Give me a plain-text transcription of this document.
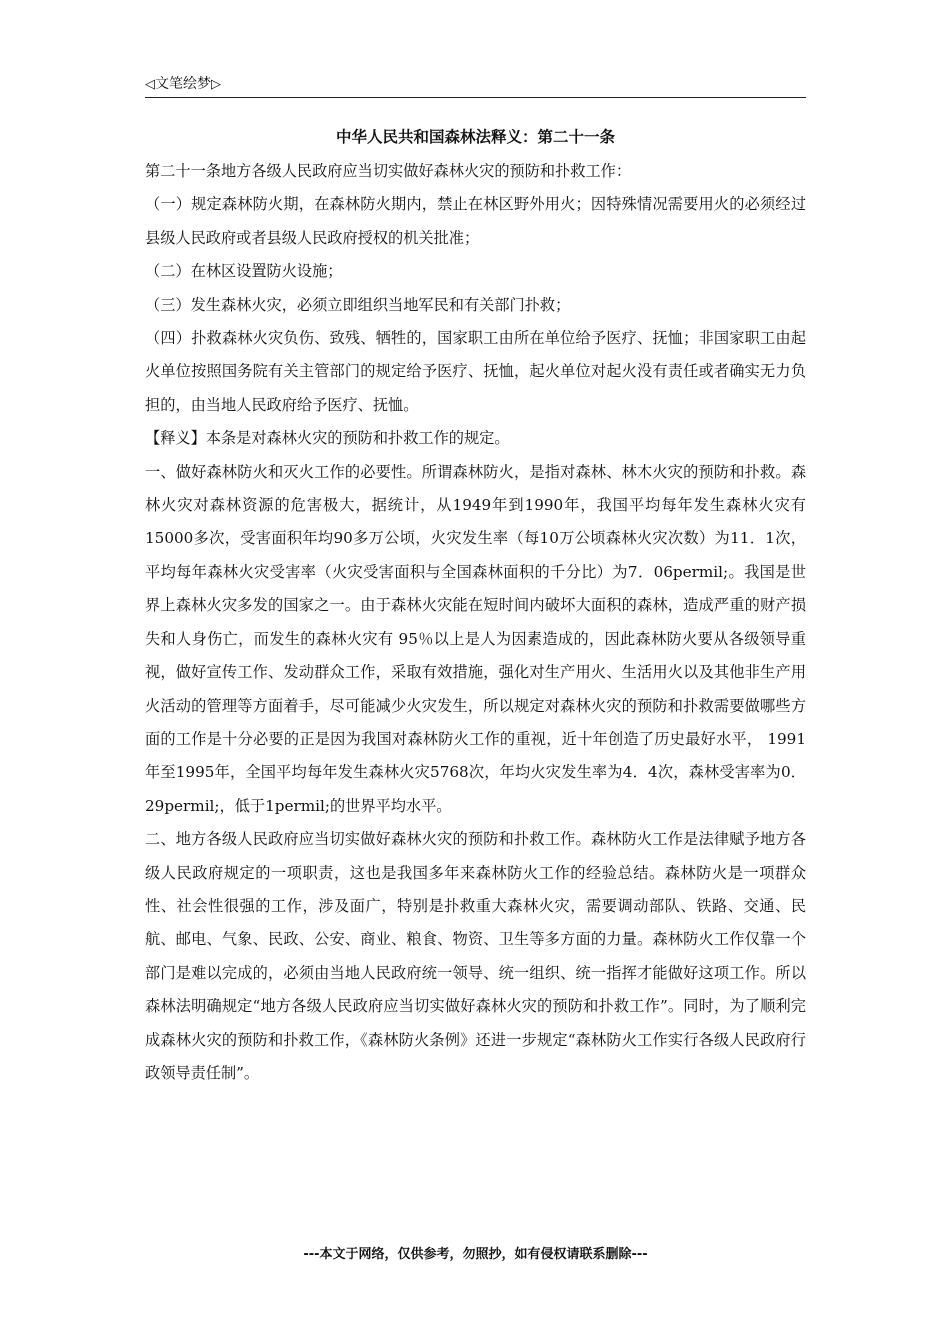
◁文笔绘梦▷
中华人民共和国森林法释义：第二十一条

第二十一条地方各级人民政府应当切实做好森林火灾的预防和扑救工作：

（一）规定森林防火期，在森林防火期内，禁止在林区野外用火；因特殊情况需要用火的必须经过县级人民政府或者县级人民政府授权的机关批准；

（二）在林区设置防火设施；

（三）发生森林火灾，必须立即组织当地军民和有关部门扑救；

（四）扑救森林火灾负伤、致残、牺牲的，国家职工由所在单位给予医疗、抚恤；非国家职工由起火单位按照国务院有关主管部门的规定给予医疗、抚恤，起火单位对起火没有责任或者确实无力负担的，由当地人民政府给予医疗、抚恤。

【释义】本条是对森林火灾的预防和扑救工作的规定。

一、做好森林防火和灭火工作的必要性。所谓森林防火，是指对森林、林木火灾的预防和扑救。森林火灾对森林资源的危害极大，据统计，从1949年到1990年，我国平均每年发生森林火灾有15000多次，受害面积年均90多万公顷，火灾发生率（每10万公顷森林火灾次数）为11．1次，平均每年森林火灾受害率（火灾受害面积与全国森林面积的千分比）为7．06permil;。我国是世界上森林火灾多发的国家之一。由于森林火灾能在短时间内破坏大面积的森林，造成严重的财产损失和人身伤亡，而发生的森林火灾有 95％以上是人为因素造成的，因此森林防火要从各级领导重视，做好宣传工作、发动群众工作，采取有效措施，强化对生产用火、生活用火以及其他非生产用火活动的管理等方面着手，尽可能减少火灾发生，所以规定对森林火灾的预防和扑救需要做哪些方面的工作是十分必要的正是因为我国对森林防火工作的重视，近十年创造了历史最好水平， 1991年至1995年，全国平均每年发生森林火灾5768次，年均火灾发生率为4．4次，森林受害率为0．29permil;，低于1permil;的世界平均水平。

二、地方各级人民政府应当切实做好森林火灾的预防和扑救工作。森林防火工作是法律赋予地方各级人民政府规定的一项职责，这也是我国多年来森林防火工作的经验总结。森林防火是一项群众性、社会性很强的工作，涉及面广，特别是扑救重大森林火灾，需要调动部队、铁路、交通、民航、邮电、气象、民政、公安、商业、粮食、物资、卫生等多方面的力量。森林防火工作仅靠一个部门是难以完成的，必须由当地人民政府统一领导、统一组织、统一指挥才能做好这项工作。所以森林法明确规定“地方各级人民政府应当切实做好森林火灾的预防和扑救工作”。同时，为了顺利完成森林火灾的预防和扑救工作，《森林防火条例》还进一步规定“森林防火工作实行各级人民政府行政领导责任制”。

---本文于网络，仅供参考，勿照抄，如有侵权请联系删除---
